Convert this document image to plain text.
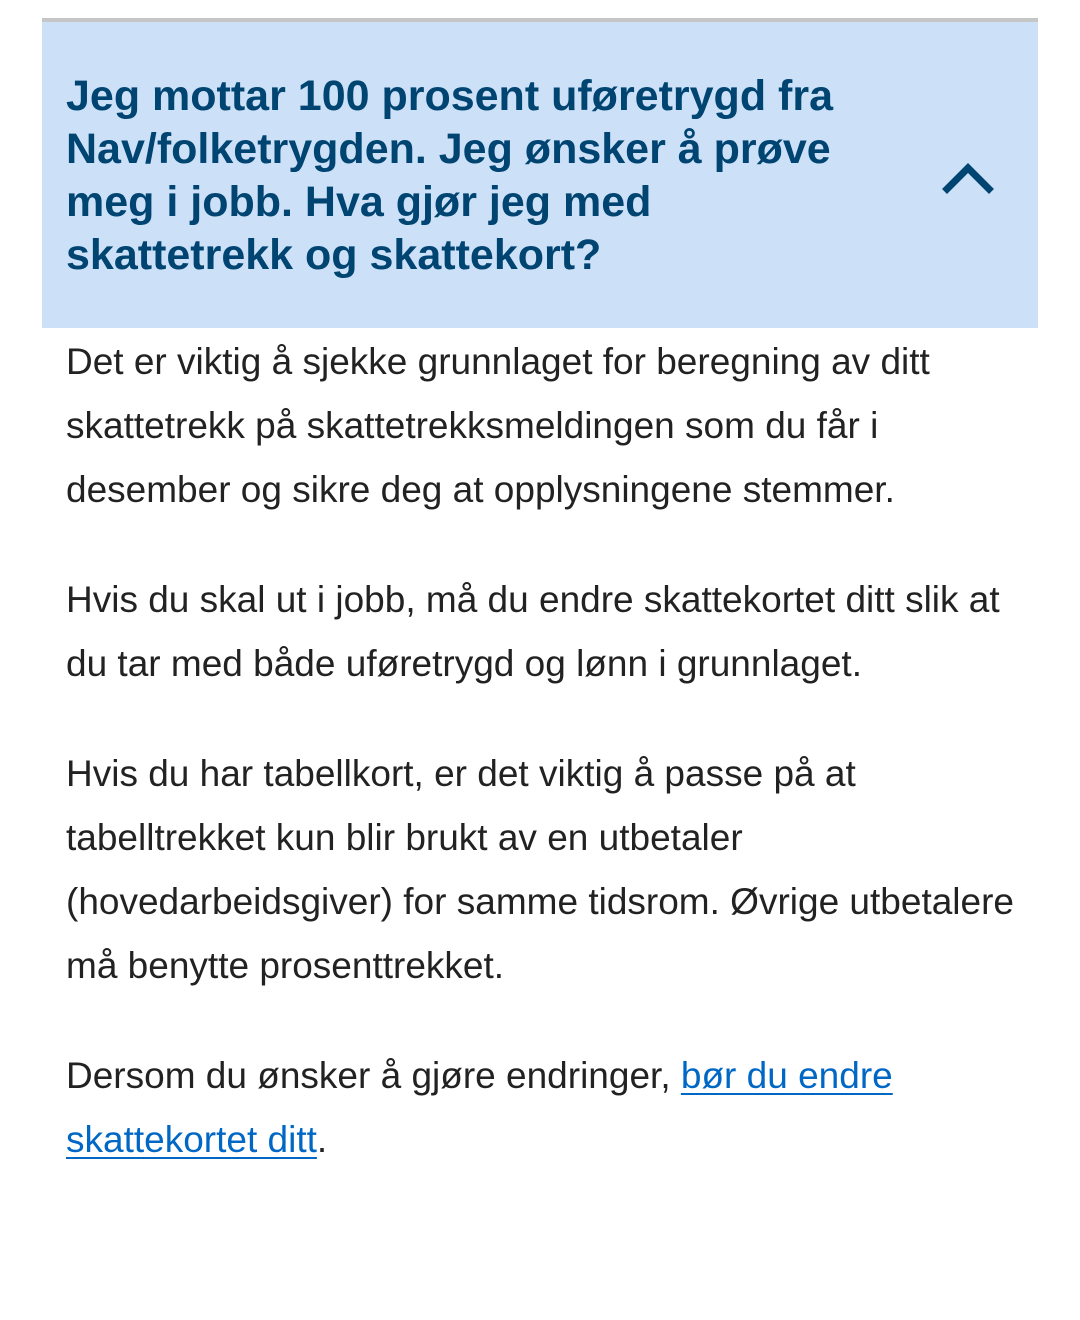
Jeg mottar 100 prosent uføretrygd fra Nav/folketrygden. Jeg ønsker å prøve meg i jobb. Hva gjør jeg med skattetrekk og skattekort?

Det er viktig å sjekke grunnlaget for beregning av ditt skattetrekk på skattetrekksmeldingen som du får i desember og sikre deg at opplysningene stemmer.

Hvis du skal ut i jobb, må du endre skattekortet ditt slik at du tar med både uføretrygd og lønn i grunnlaget.

Hvis du har tabellkort, er det viktig å passe på at tabelltrekket kun blir brukt av en utbetaler (hovedarbeidsgiver) for samme tidsrom. Øvrige utbetalere må benytte prosenttrekket.

Dersom du ønsker å gjøre endringer, bør du endre skattekortet ditt.
